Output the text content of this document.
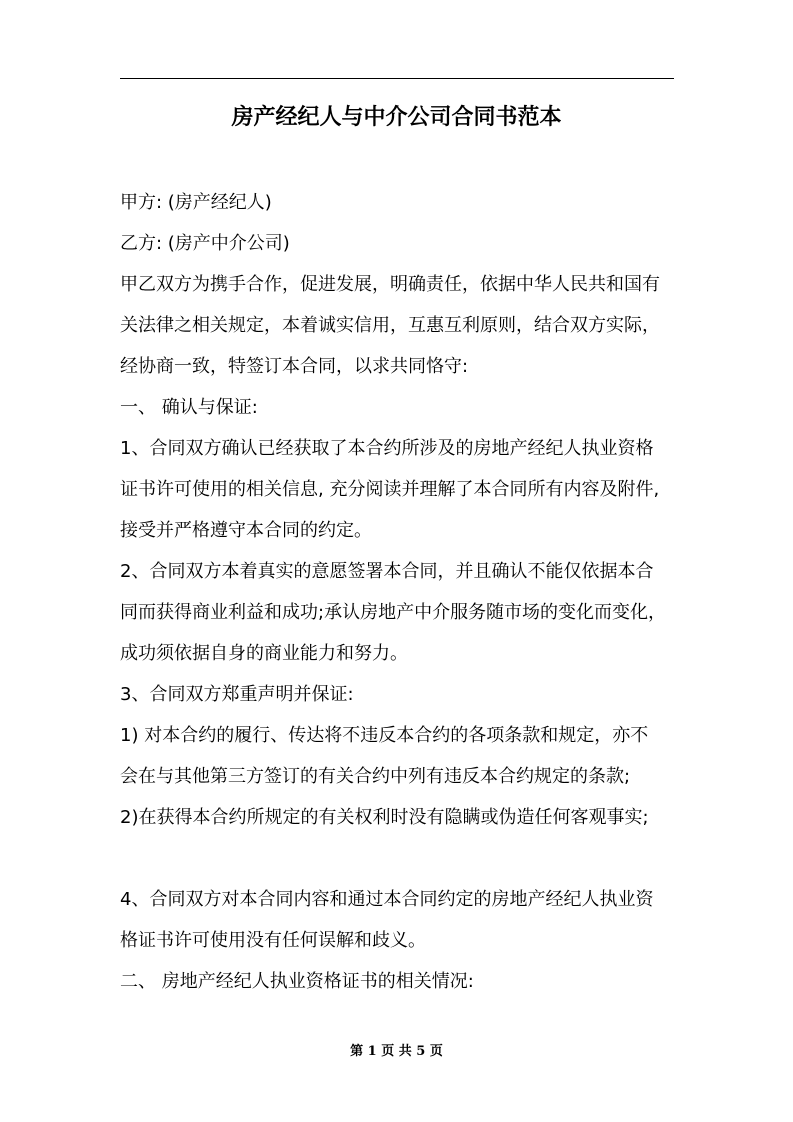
房产经纪人与中介公司合同书范本
甲方: (房产经纪人)
乙方: (房产中介公司)
甲乙双方为携手合作，促进发展，明确责任，依据中华人民共和国有
关法律之相关规定，本着诚实信用，互惠互利原则，结合双方实际，
经协商一致，特签订本合同，以求共同恪守:
一、 确认与保证:
1、合同双方确认已经获取了本合约所涉及的房地产经纪人执业资格
证书许可使用的相关信息, 充分阅读并理解了本合同所有内容及附件,
接受并严格遵守本合同的约定。
2、合同双方本着真实的意愿签署本合同，并且确认不能仅依据本合
同而获得商业利益和成功;承认房地产中介服务随市场的变化而变化，
成功须依据自身的商业能力和努力。
3、合同双方郑重声明并保证:
1) 对本合约的履行、传达将不违反本合约的各项条款和规定，亦不
会在与其他第三方签订的有关合约中列有违反本合约规定的条款;
2)在获得本合约所规定的有关权利时没有隐瞒或伪造任何客观事实;
4、合同双方对本合同内容和通过本合同约定的房地产经纪人执业资
格证书许可使用没有任何误解和歧义。
二、 房地产经纪人执业资格证书的相关情况:
第 1 页 共 5 页
